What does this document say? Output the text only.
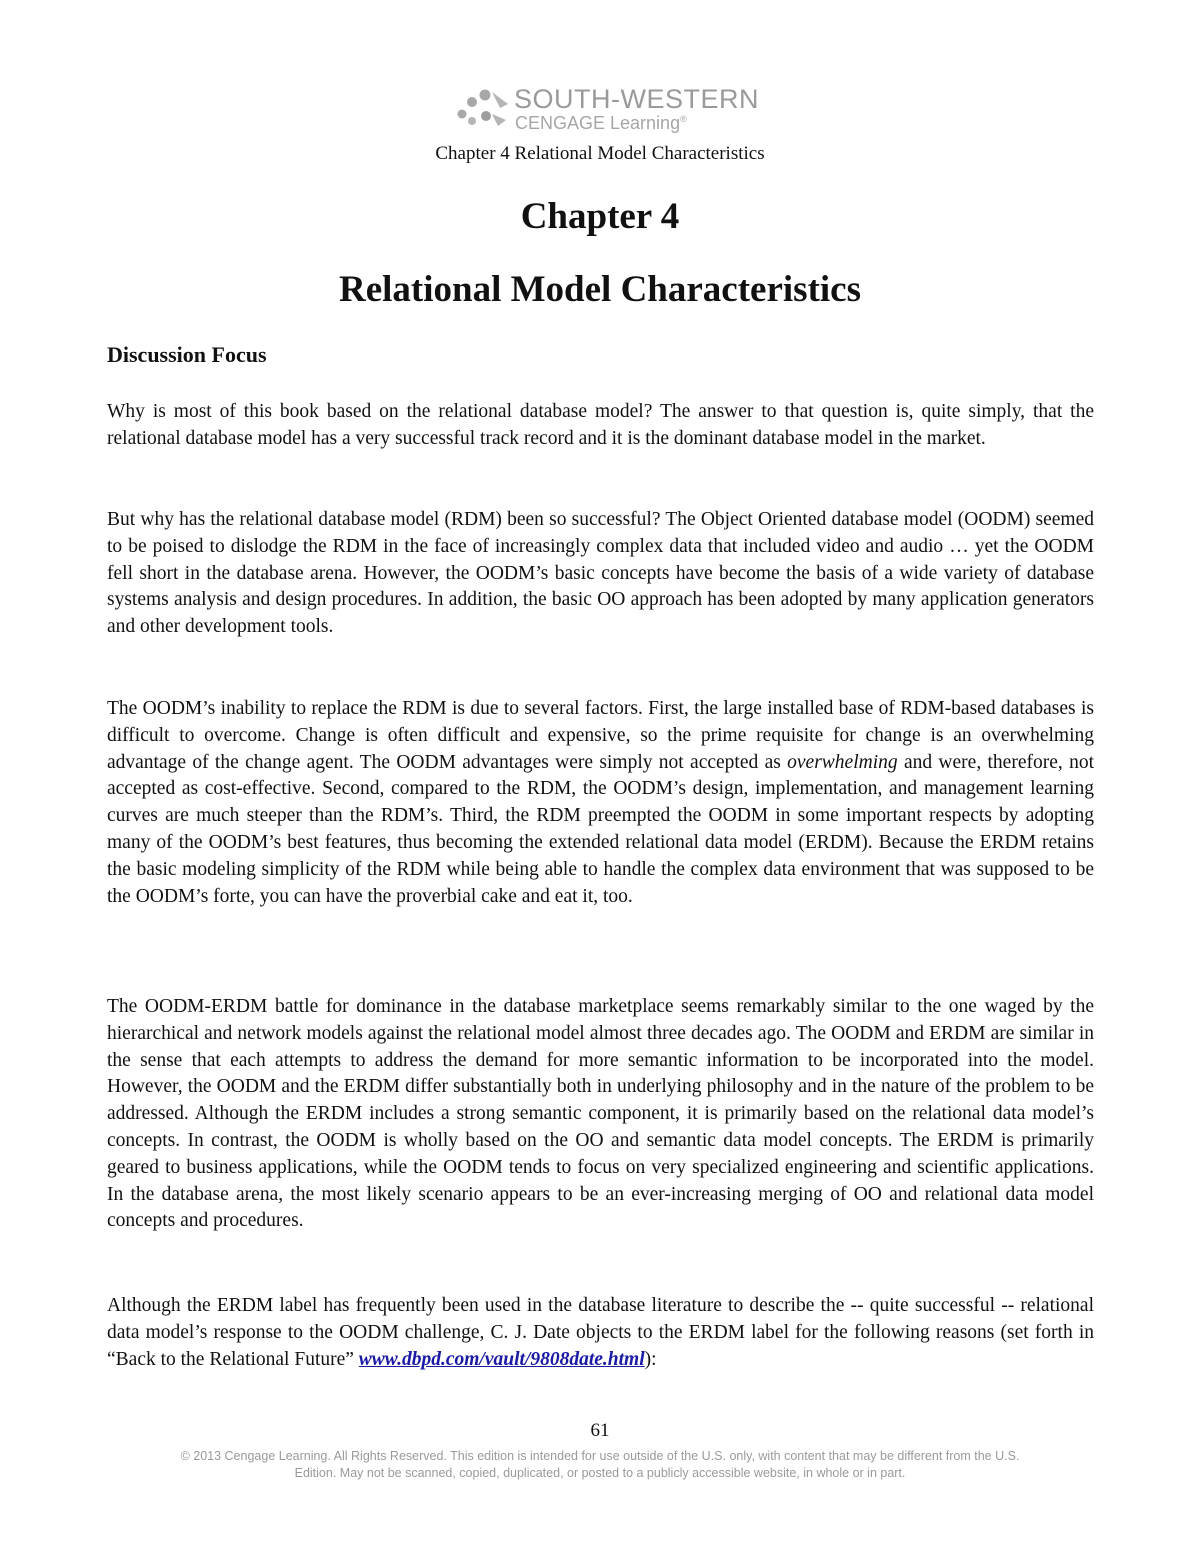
SOUTH-WESTERN
CENGAGE Learning®
Chapter 4 Relational Model Characteristics
Chapter 4
Relational Model Characteristics
Discussion Focus

Why is most of this book based on the relational database model? The answer to that question is, quite simply, that the relational database model has a very successful track record and it is the dominant database model in the market.

But why has the relational database model (RDM) been so successful? The Object Oriented database model (OODM) seemed to be poised to dislodge the RDM in the face of increasingly complex data that included video and audio … yet the OODM fell short in the database arena. However, the OODM’s basic concepts have become the basis of a wide variety of database systems analysis and design procedures. In addition, the basic OO approach has been adopted by many application generators and other development tools.

The OODM’s inability to replace the RDM is due to several factors. First, the large installed base of RDM-based databases is difficult to overcome. Change is often difficult and expensive, so the prime requisite for change is an overwhelming advantage of the change agent. The OODM advantages were simply not accepted as overwhelming and were, therefore, not accepted as cost-effective. Second, compared to the RDM, the OODM’s design, implementation, and management learning curves are much steeper than the RDM’s. Third, the RDM preempted the OODM in some important respects by adopting many of the OODM’s best features, thus becoming the extended relational data model (ERDM). Because the ERDM retains the basic modeling simplicity of the RDM while being able to handle the complex data environment that was supposed to be the OODM’s forte, you can have the proverbial cake and eat it, too.

The OODM-ERDM battle for dominance in the database marketplace seems remarkably similar to the one waged by the hierarchical and network models against the relational model almost three decades ago. The OODM and ERDM are similar in the sense that each attempts to address the demand for more semantic information to be incorporated into the model. However, the OODM and the ERDM differ substantially both in underlying philosophy and in the nature of the problem to be addressed. Although the ERDM includes a strong semantic component, it is primarily based on the relational data model’s concepts. In contrast, the OODM is wholly based on the OO and semantic data model concepts. The ERDM is primarily geared to business applications, while the OODM tends to focus on very specialized engineering and scientific applications. In the database arena, the most likely scenario appears to be an ever-increasing merging of OO and relational data model concepts and procedures.

Although the ERDM label has frequently been used in the database literature to describe the -- quite successful -- relational data model’s response to the OODM challenge, C. J. Date objects to the ERDM label for the following reasons (set forth in “Back to the Relational Future” www.dbpd.com/vault/9808date.html):

61
© 2013 Cengage Learning. All Rights Reserved. This edition is intended for use outside of the U.S. only, with content that may be different from the U.S.
Edition. May not be scanned, copied, duplicated, or posted to a publicly accessible website, in whole or in part.
